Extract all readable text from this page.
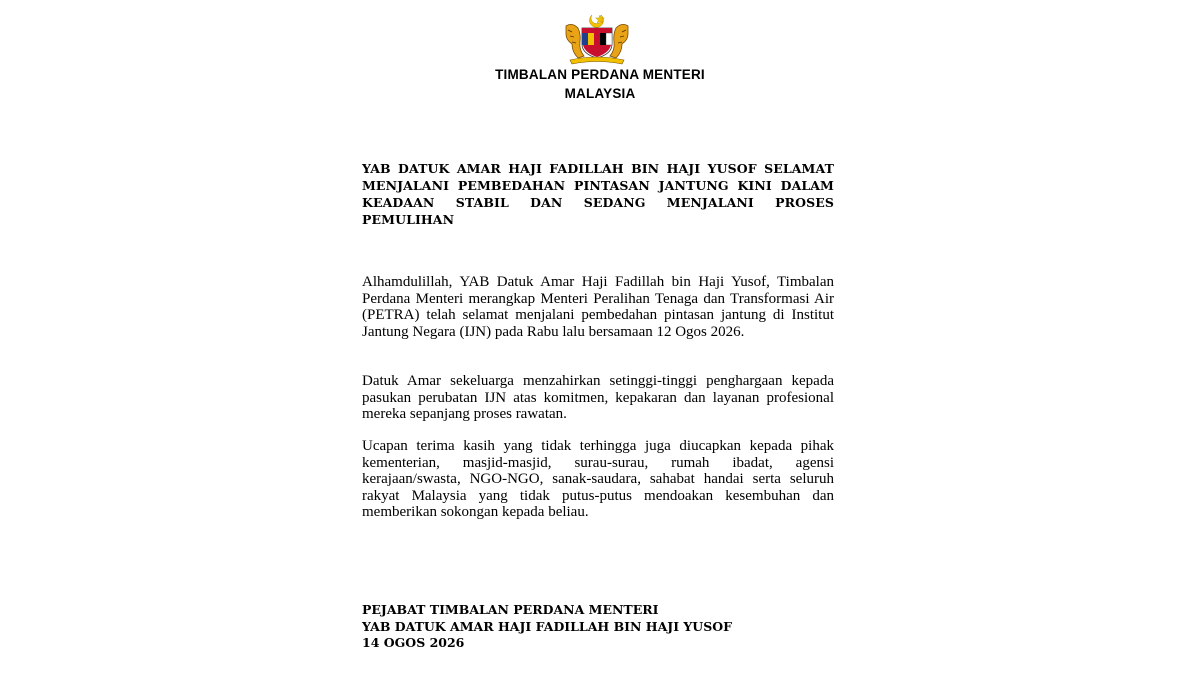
TIMBALAN PERDANA MENTERI
MALAYSIA

YAB DATUK AMAR HAJI FADILLAH BIN HAJI YUSOF SELAMAT MENJALANI PEMBEDAHAN PINTASAN JANTUNG KINI DALAM KEADAAN STABIL DAN SEDANG MENJALANI PROSES PEMULIHAN

Alhamdulillah, YAB Datuk Amar Haji Fadillah bin Haji Yusof, Timbalan Perdana Menteri merangkap Menteri Peralihan Tenaga dan Transformasi Air (PETRA) telah selamat menjalani pembedahan pintasan jantung di Institut Jantung Negara (IJN) pada Rabu lalu bersamaan 12 Ogos 2026.

Datuk Amar sekeluarga menzahirkan setinggi-tinggi penghargaan kepada pasukan perubatan IJN atas komitmen, kepakaran dan layanan profesional mereka sepanjang proses rawatan.

Ucapan terima kasih yang tidak terhingga juga diucapkan kepada pihak kementerian, masjid-masjid, surau-surau, rumah ibadat, agensi kerajaan/swasta, NGO-NGO, sanak-saudara, sahabat handai serta seluruh rakyat Malaysia yang tidak putus-putus mendoakan kesembuhan dan memberikan sokongan kepada beliau.

PEJABAT TIMBALAN PERDANA MENTERI
YAB DATUK AMAR HAJI FADILLAH BIN HAJI YUSOF
14 OGOS 2026
